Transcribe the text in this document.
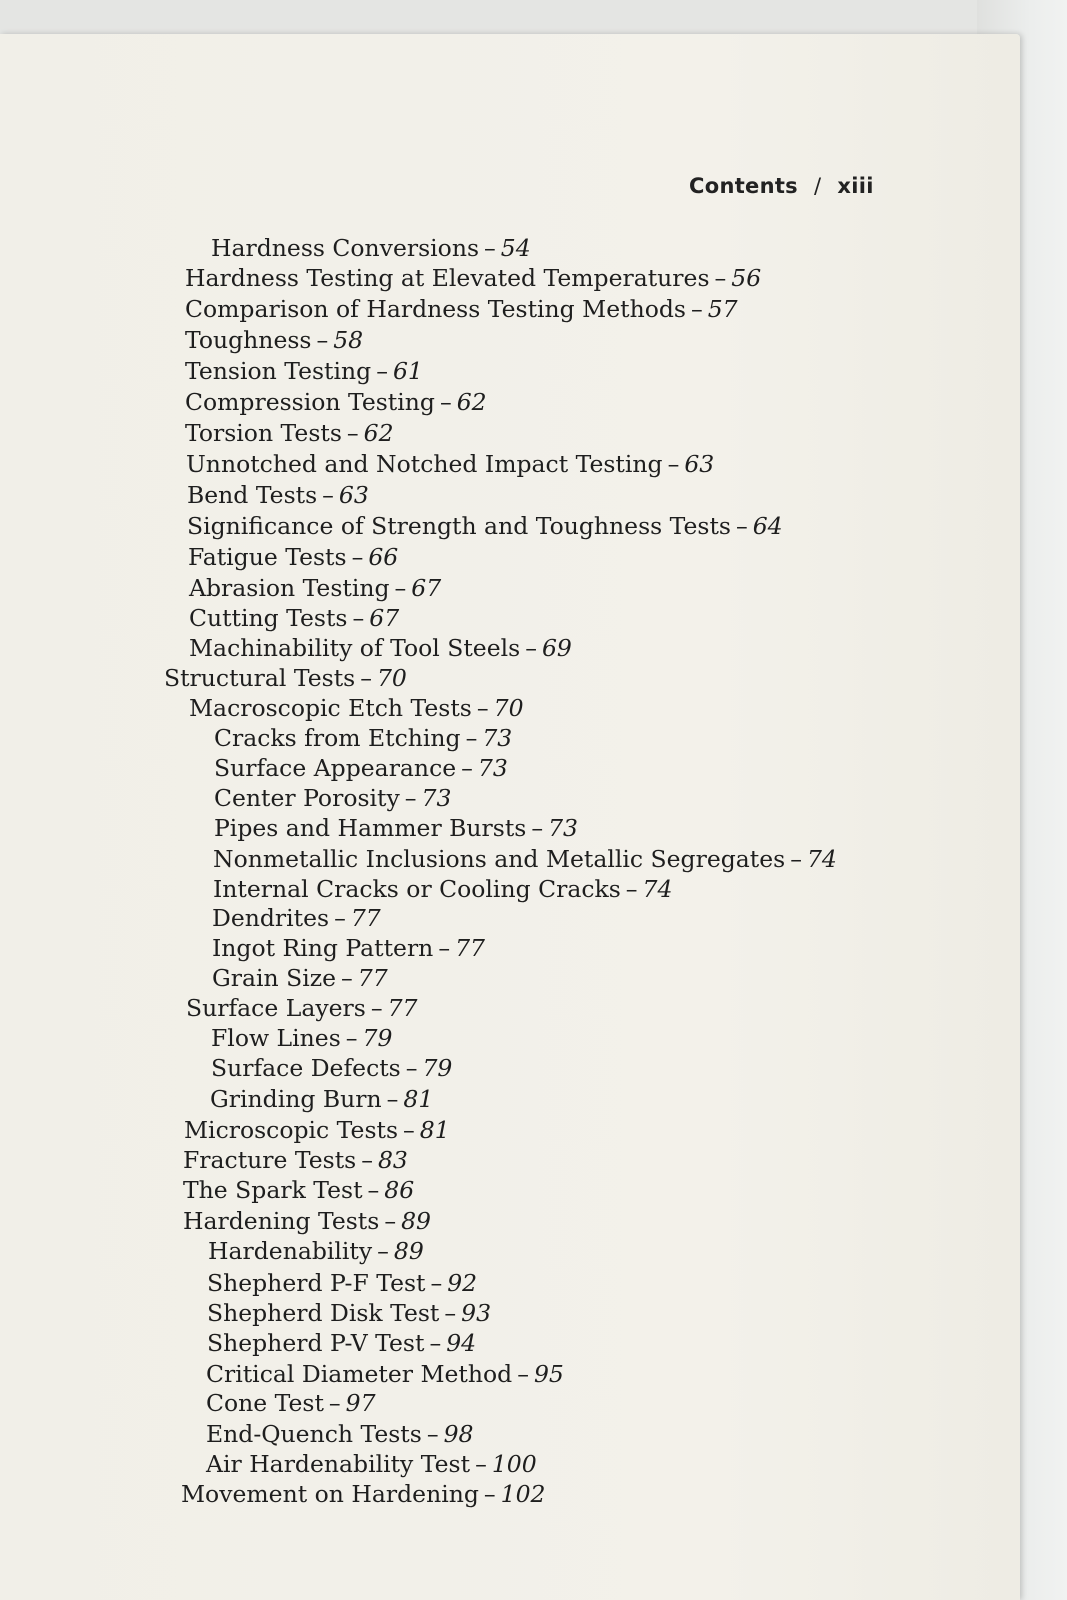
Contents / xiii
Hardness Conversions – 54
Hardness Testing at Elevated Temperatures – 56
Comparison of Hardness Testing Methods – 57
Toughness – 58
Tension Testing – 61
Compression Testing – 62
Torsion Tests – 62
Unnotched and Notched Impact Testing – 63
Bend Tests – 63
Significance of Strength and Toughness Tests – 64
Fatigue Tests – 66
Abrasion Testing – 67
Cutting Tests – 67
Machinability of Tool Steels – 69
Structural Tests – 70
Macroscopic Etch Tests – 70
Cracks from Etching – 73
Surface Appearance – 73
Center Porosity – 73
Pipes and Hammer Bursts – 73
Nonmetallic Inclusions and Metallic Segregates – 74
Internal Cracks or Cooling Cracks – 74
Dendrites – 77
Ingot Ring Pattern – 77
Grain Size – 77
Surface Layers – 77
Flow Lines – 79
Surface Defects – 79
Grinding Burn – 81
Microscopic Tests – 81
Fracture Tests – 83
The Spark Test – 86
Hardening Tests – 89
Hardenability – 89
Shepherd P-F Test – 92
Shepherd Disk Test – 93
Shepherd P-V Test – 94
Critical Diameter Method – 95
Cone Test – 97
End-Quench Tests – 98
Air Hardenability Test – 100
Movement on Hardening – 102
